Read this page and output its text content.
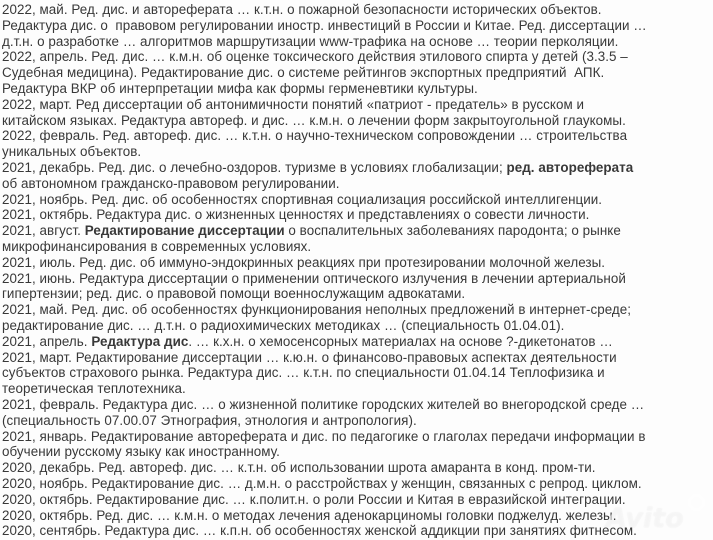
2022, май. Ред. дис. и автореферата … к.т.н. о пожарной безопасности исторических объектов.
Редактура дис. о  правовом регулировании иностр. инвестиций в России и Китае. Ред. диссертации …
д.т.н. о разработке … алгоритмов маршрутизации www-трафика на основе … теории перколяции.
2022, апрель. Ред. дис. … к.м.н. об оценке токсического действия этилового спирта у детей (3.3.5 –
Судебная медицина). Редактирование дис. о системе рейтингов экспортных предприятий  АПК.
Редактура ВКР об интерпретации мифа как формы герменевтики культуры.
2022, март. Ред диссертации об антонимичности понятий «патриот - предатель» в русском и
китайском языках. Редактура автореф. и дис. … к.м.н. о лечении форм закрытоугольной глаукомы.
2022, февраль. Ред. автореф. дис. … к.т.н. о научно-техническом сопровождении … строительства
уникальных объектов.
2021, декабрь. Ред. дис. о лечебно-оздоров. туризме в условиях глобализации; ред. автореферата
об автономном гражданско-правовом регулировании.
2021, ноябрь. Ред. дис. об особенностях спортивная социализация российской интеллигенции.
2021, октябрь. Редактура дис. о жизненных ценностях и представлениях о совести личности.
2021, август. Редактирование диссертации о воспалительных заболеваниях пародонта; о рынке
микрофинансирования в современных условиях.
2021, июль. Ред. дис. об иммуно-эндокринных реакциях при протезировании молочной железы.
2021, июнь. Редактура диссертации о применении оптического излучения в лечении артериальной
гипертензии; ред. дис. о правовой помощи военнослужащим адвокатами.
2021, май. Ред. дис. об особенностях функционирования неполных предложений в интернет-среде;
редактирование дис. … д.т.н. о радиохимических методиках … (специальность 01.04.01).
2021, апрель. Редактура дис. … к.х.н. о хемосенсорных материалах на основе ?-дикетонатов …
2021, март. Редактирование диссертации … к.ю.н. о финансово-правовых аспектах деятельности
субъектов страхового рынка. Редактура дис. … к.т.н. по специальности 01.04.14 Теплофизика и
теоретическая теплотехника.
2021, февраль. Редактура дис. … о жизненной политике городских жителей во внегородской среде …
(специальность 07.00.07 Этнография, этнология и антропология).
2021, январь. Редактирование автореферата и дис. по педагогике о глаголах передачи информации в
обучении русскому языку как иностранному.
2020, декабрь. Ред. автореф. дис. … к.т.н. об использовании шрота амаранта в конд. пром-ти.
2020, ноябрь. Редактирование дис. … д.м.н. о расстройствах у женщин, связанных с репрод. циклом.
2020, октябрь. Редактирование дис. … к.полит.н. о роли России и Китая в евразийской интеграции.
2020, октябрь. Ред. дис. … к.м.н. о методах лечения аденокарциномы головки поджелуд. железы.
2020, сентябрь. Редактура дис. … к.п.н. об особенностях женской аддикции при занятиях фитнесом.
Avito
